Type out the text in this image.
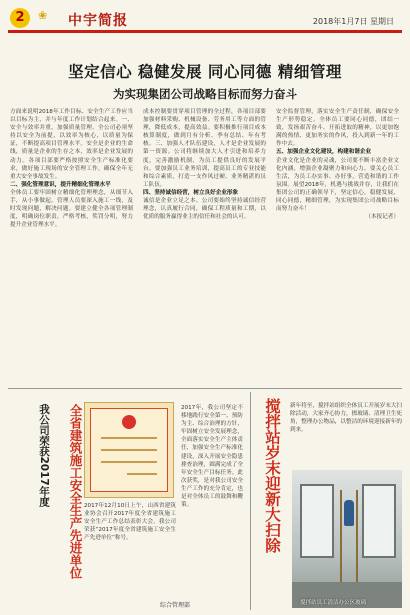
2	❀ 中宇简报	2018年1月7日 星期日
坚定信心 稳健发展 同心同德 精细管理
为实现集团公司战略目标而努力奋斗
方面来说明2018年工作目标、安全生产工作应当以目标为主，并与年度工作计划结合起来。一、安全与效率并重，加强质量管理。全公司必须坚持以安全为前提，以效率为核心，以质量为保证，不断提高项目管理水平。安全是企业的生命线，质量是企业的生存之本，效率是企业发展的动力。各项目部要严格按照安全生产标准化要求，做好施工现场的安全管理工作，确保全年无重大安全事故发生。
二、强化管理意识，提升精细化管理水平
全体员工要牢固树立精细化管理理念，从细节入手，从小事做起。管理人员要深入施工一线，及时发现问题，解决问题。要建立健全各项管理制度，明确岗位职责，严格考核，奖罚分明，努力提升企业管理水平。
成本控制要贯穿项目管理的全过程，各项目部要加强材料采购、机械设备、劳务用工等方面的管理，降低成本，提高效益。要积极推行项目成本核算制度，做到月有分析、季有总结、年有考核。三、加强人才队伍建设，人才是企业发展的第一资源。公司将继续加大人才引进和培养力度，完善激励机制，为员工提供良好的发展平台。要加强员工业务培训，提高员工的专业技能和综合素质，打造一支作风过硬、业务精湛的员工队伍。
四、坚持诚信经营，树立良好企业形象
诚信是企业立足之本。公司要始终坚持诚信经营理念，认真履行合同，确保工程质量和工期，以优质的服务赢得业主的信任和社会的认可。
安全监督管理，落实安全生产责任制，确保安全生产形势稳定。全体员工要同心同德，团结一致，发扬艰苦奋斗、开拓进取的精神，以更加饱满的热情、更加务实的作风，投入到新一年的工作中去。
五、加强企业文化建设，构建和谐企业
企业文化是企业的灵魂，公司要不断丰富企业文化内涵，增强企业凝聚力和向心力。要关心员工生活，为员工办实事、办好事，营造和谐的工作氛围。展望2018年，机遇与挑战并存，让我们在集团公司的正确领导下，坚定信心，稳健发展，同心同德，精细管理，为实现集团公司战略目标而努力奋斗！
（本报记者）
我公司荣获2017年度	全省建筑施工安全生产先进单位 2017年12月10日上午，山西省建筑业协会召开2017年度全省建筑施工安全生产工作总结表彰大会，我公司荣获“2017年度全省建筑施工安全生产先进单位”称号。
2017年，我公司坚定不移地践行安全第一、预防为主、综合治理的方针，牢固树立安全发展理念，全面落实安全生产主体责任，加强安全生产标准化建设，深入开展安全隐患排查治理，圆满完成了全年安全生产目标任务。此次获奖，是对我公司安全生产工作的充分肯定，也是对全体员工的鼓舞和鞭策。
综合管理部
搅拌站岁末迎新大扫除 新年将至，搅拌站组织全体员工开展岁末大扫除活动，大家齐心协力，擦玻璃、清理卫生死角，整理办公物品，以整洁的环境迎接新年的到来。
搅拌站员工清洁办公区玻璃
